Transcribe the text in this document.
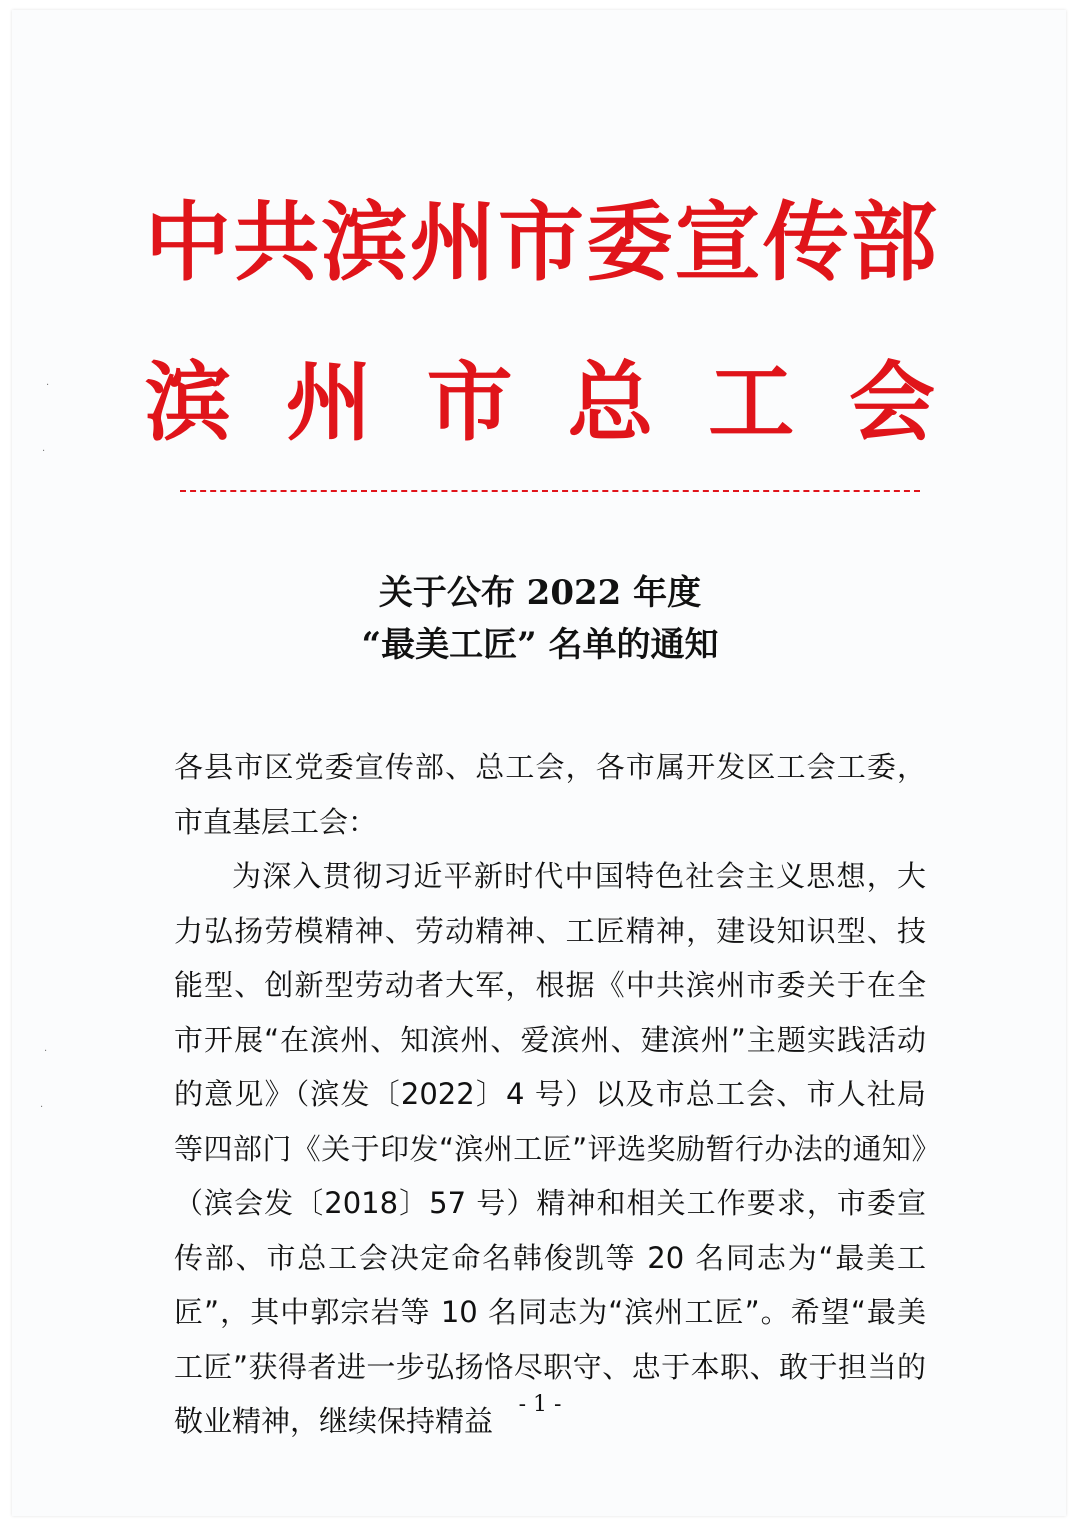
中共滨州市委宣传部
滨州市总工会
关于公布 2022 年度
“最美工匠” 名单的通知

各县市区党委宣传部、总工会，各市属开发区工会工委，市直基层工会：

为深入贯彻习近平新时代中国特色社会主义思想，大力弘扬劳模精神、劳动精神、工匠精神，建设知识型、技能型、创新型劳动者大军，根据《中共滨州市委关于在全市开展“在滨州、知滨州、爱滨州、建滨州”主题实践活动的意见》（滨发〔2022〕4 号）以及市总工会、市人社局等四部门《关于印发“滨州工匠”评选奖励暂行办法的通知》（滨会发〔2018〕57 号）精神和相关工作要求，市委宣传部、市总工会决定命名韩俊凯等 20 名同志为“最美工匠”，其中郭宗岩等 10 名同志为“滨州工匠”。希望“最美工匠”获得者进一步弘扬恪尽职守、忠于本职、敢于担当的敬业精神，继续保持精益	- 1 -
·
·
·
·
